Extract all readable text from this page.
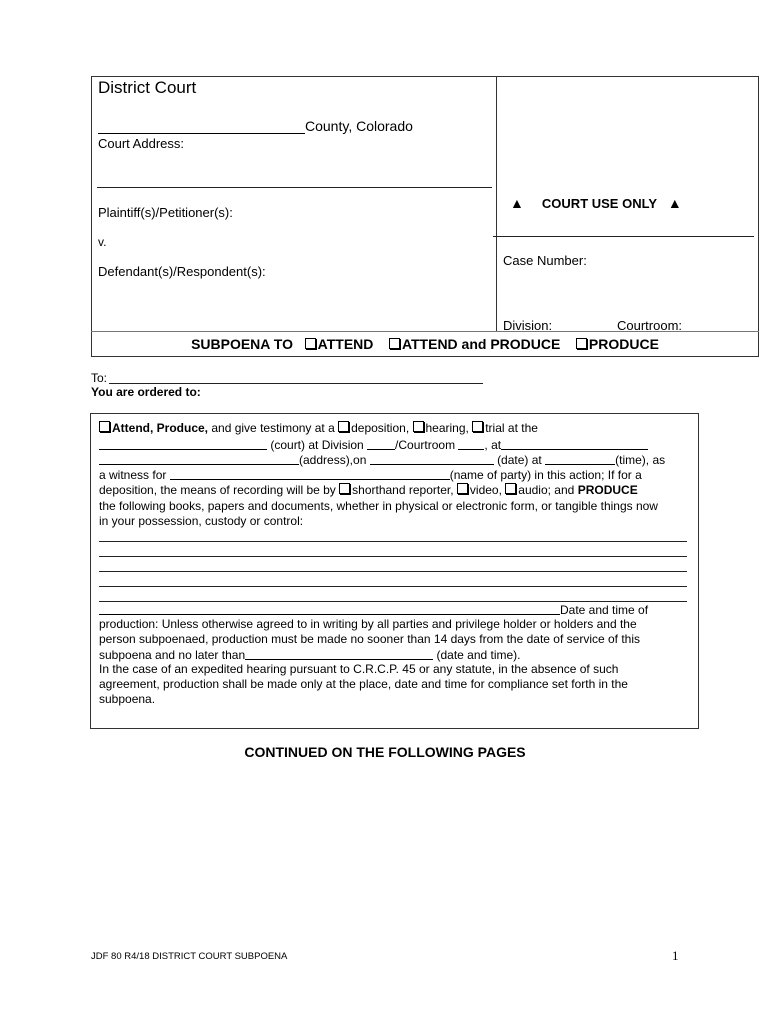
District Court
County, Colorado
Court Address:
Plaintiff(s)/Petitioner(s):
v.
Defendant(s)/Respondent(s):
▲ COURT USE ONLY ▲
Case Number:
Division:	Courtroom:
SUBPOENA TO ATTEND ATTEND and PRODUCE PRODUCE
To:
You are ordered to:
Attend, Produce, and give testimony at a deposition, hearing, trial at the
(court) at Division	/Courtroom , at
(address),on	(date) at	(time), as
a witness for	(name of party) in this action; If for a
deposition, the means of recording will be by shorthand reporter, video, audio; and PRODUCE
the following books, papers and documents, whether in physical or electronic form, or tangible things now
in your possession, custody or control:
Date and time of
production: Unless otherwise agreed to in writing by all parties and privilege holder or holders and the
person subpoenaed, production must be made no sooner than 14 days from the date of service of this
subpoena and no later than	(date and time).
In the case of an expedited hearing pursuant to C.R.C.P. 45 or any statute, in the absence of such
agreement, production shall be made only at the place, date and time for compliance set forth in the
subpoena.
CONTINUED ON THE FOLLOWING PAGES
JDF 80 R4/18 DISTRICT COURT SUBPOENA	1
